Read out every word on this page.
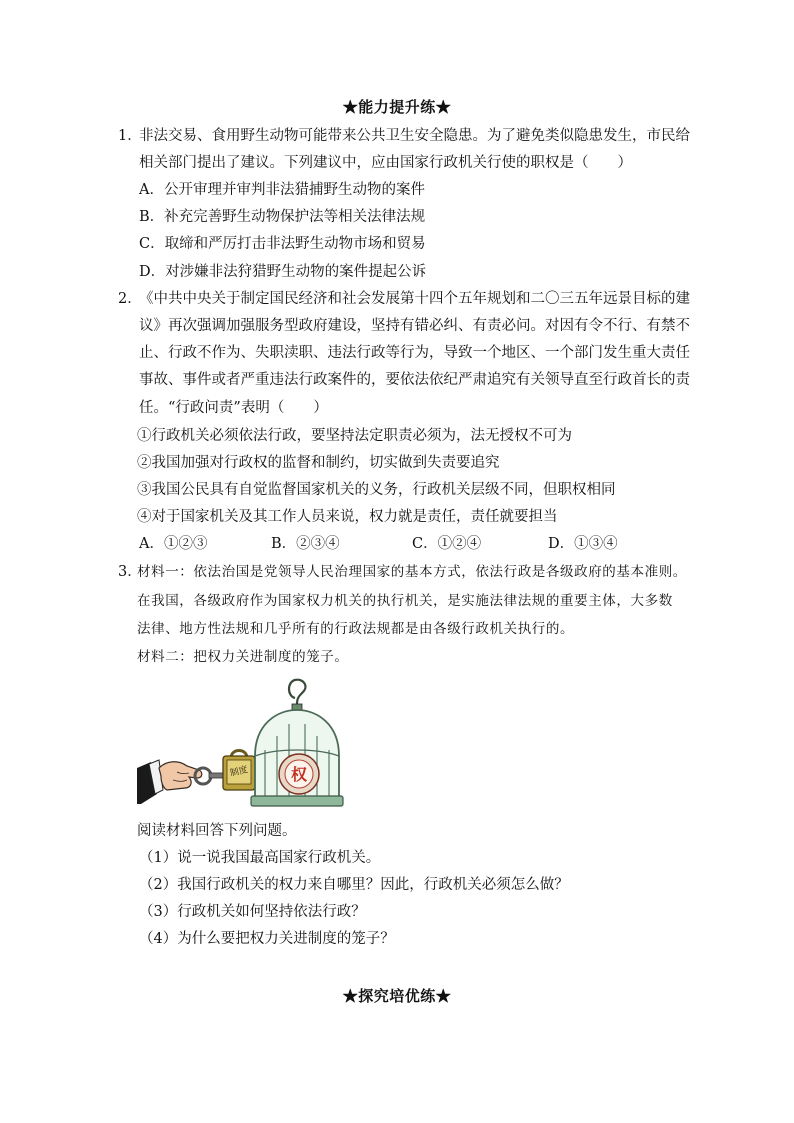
★能力提升练★
1．
非法交易、食用野生动物可能带来公共卫生安全隐患。为了避免类似隐患发生，市民给
相关部门提出了建议。下列建议中，应由国家行政机关行使的职权是（　　）
A．公开审理并审判非法猎捕野生动物的案件
B．补充完善野生动物保护法等相关法律法规
C．取缔和严厉打击非法野生动物市场和贸易
D．对涉嫌非法狩猎野生动物的案件提起公诉
2．
《中共中央关于制定国民经济和社会发展第十四个五年规划和二〇三五年远景目标的建
议》再次强调加强服务型政府建设，坚持有错必纠、有责必问。对因有令不行、有禁不
止、行政不作为、失职渎职、违法行政等行为，导致一个地区、一个部门发生重大责任
事故、事件或者严重违法行政案件的，要依法依纪严肃追究有关领导直至行政首长的责
任。“行政问责”表明（　　）
①行政机关必须依法行政，要坚持法定职责必须为，法无授权不可为
②我国加强对行政权的监督和制约，切实做到失责要追究
③我国公民具有自觉监督国家机关的义务，行政机关层级不同，但职权相同
④对于国家机关及其工作人员来说，权力就是责任，责任就要担当
A．①②③	B．②③④	C．①②④	D．①③④
3．
材料一：依法治国是党领导人民治理国家的基本方式，依法行政是各级政府的基本准则。
在我国，各级政府作为国家权力机关的执行机关，是实施法律法规的重要主体，大多数
法律、地方性法规和几乎所有的行政法规都是由各级行政机关执行的。
材料二：把权力关进制度的笼子。
制度	权
阅读材料回答下列问题。
（1）说一说我国最高国家行政机关。
（2）我国行政机关的权力来自哪里？因此，行政机关必须怎么做？
（3）行政机关如何坚持依法行政？
（4）为什么要把权力关进制度的笼子？
★探究培优练★
